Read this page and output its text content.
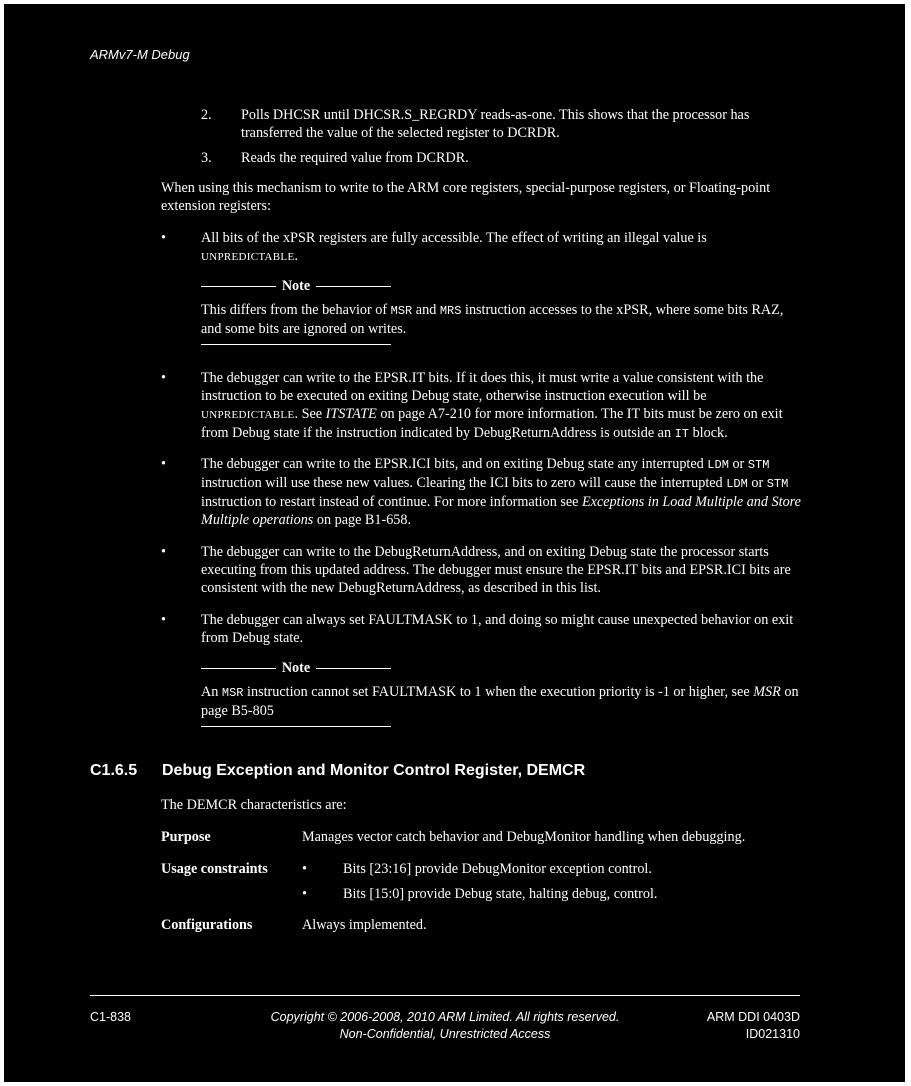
ARMv7-M Debug
2. Polls DHCSR until DHCSR.S_REGRDY reads-as-one. This shows that the processor has transferred the value of the selected register to DCRDR.
3. Reads the required value from DCRDR.
When using this mechanism to write to the ARM core registers, special-purpose registers, or Floating-point extension registers:
• All bits of the xPSR registers are fully accessible. The effect of writing an illegal value is UNPREDICTABLE.
Note
This differs from the behavior of MSR and MRS instruction accesses to the xPSR, where some bits RAZ, and some bits are ignored on writes.
• The debugger can write to the EPSR.IT bits. If it does this, it must write a value consistent with the instruction to be executed on exiting Debug state, otherwise instruction execution will be UNPREDICTABLE. See ITSTATE on page A7-210 for more information. The IT bits must be zero on exit from Debug state if the instruction indicated by DebugReturnAddress is outside an IT block.
• The debugger can write to the EPSR.ICI bits, and on exiting Debug state any interrupted LDM or STM instruction will use these new values. Clearing the ICI bits to zero will cause the interrupted LDM or STM instruction to restart instead of continue. For more information see Exceptions in Load Multiple and Store Multiple operations on page B1-658.
• The debugger can write to the DebugReturnAddress, and on exiting Debug state the processor starts executing from this updated address. The debugger must ensure the EPSR.IT bits and EPSR.ICI bits are consistent with the new DebugReturnAddress, as described in this list.
• The debugger can always set FAULTMASK to 1, and doing so might cause unexpected behavior on exit from Debug state.
Note
An MSR instruction cannot set FAULTMASK to 1 when the execution priority is -1 or higher, see MSR on page B5-805
C1.6.5 Debug Exception and Monitor Control Register, DEMCR
The DEMCR characteristics are:
Purpose	Manages vector catch behavior and DebugMonitor handling when debugging.
Usage constraints •	Bits [23:16] provide DebugMonitor exception control.
•	Bits [15:0] provide Debug state, halting debug, control.
Configurations	Always implemented.
C1-838	Copyright © 2006-2008, 2010 ARM Limited. All rights reserved.
Non-Confidential, Unrestricted Access
ARM DDI 0403D
ID021310
